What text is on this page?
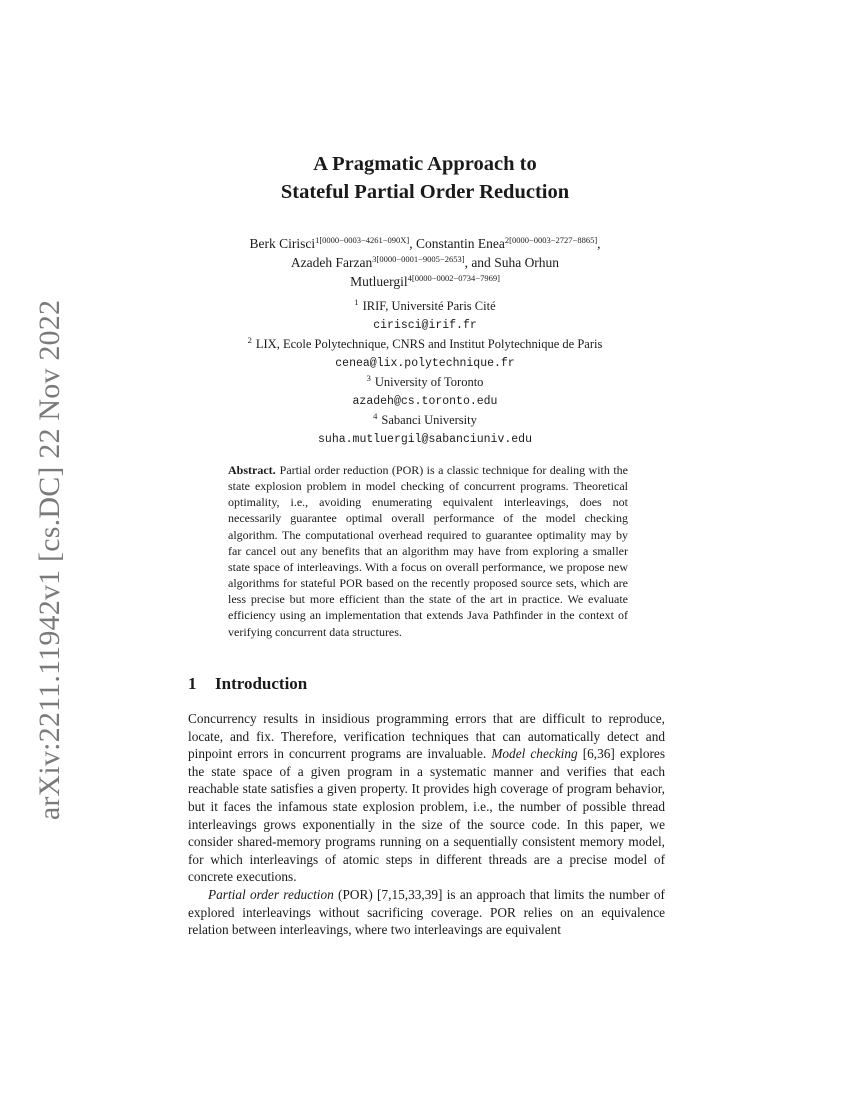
arXiv:2211.11942v1 [cs.DC] 22 Nov 2022
A Pragmatic Approach to
Stateful Partial Order Reduction
Berk Cirisci$^{1[0000-0003-4261-090X]}$, Constantin Enea$^{2[0000-0003-2727-8865]}$,
Azadeh Farzan$^{3[0000-0001-9005-2653]}$, and Suha Orhun
Mutluergil$^{4[0000-0002-0734-7969]}$
$^1$ IRIF, Université Paris Cité
cirisci@irif.fr
$^2$ LIX, Ecole Polytechnique, CNRS and Institut Polytechnique de Paris
cenea@lix.polytechnique.fr
$^3$ University of Toronto
azadeh@cs.toronto.edu
$^4$ Sabanci University
suha.mutluergil@sabanciuniv.edu
Abstract. Partial order reduction (POR) is a classic technique for dealing with the state explosion problem in model checking of concurrent programs. Theoretical optimality, i.e., avoiding enumerating equivalent interleavings, does not necessarily guarantee optimal overall performance of the model checking algorithm. The computational overhead required to guarantee optimality may by far cancel out any benefits that an algorithm may have from exploring a smaller state space of interleavings. With a focus on overall performance, we propose new algorithms for stateful POR based on the recently proposed source sets, which are less precise but more efficient than the state of the art in practice. We evaluate efficiency using an implementation that extends Java Pathfinder in the context of verifying concurrent data structures.
1 Introduction

Concurrency results in insidious programming errors that are difficult to reproduce, locate, and fix. Therefore, verification techniques that can automatically detect and pinpoint errors in concurrent programs are invaluable. Model checking [6,36] explores the state space of a given program in a systematic manner and verifies that each reachable state satisfies a given property. It provides high coverage of program behavior, but it faces the infamous state explosion problem, i.e., the number of possible thread interleavings grows exponentially in the size of the source code. In this paper, we consider shared-memory programs running on a sequentially consistent memory model, for which interleavings of atomic steps in different threads are a precise model of concrete executions.

Partial order reduction (POR) [7,15,33,39] is an approach that limits the number of explored interleavings without sacrificing coverage. POR relies on an equivalence relation between interleavings, where two interleavings are equivalent
